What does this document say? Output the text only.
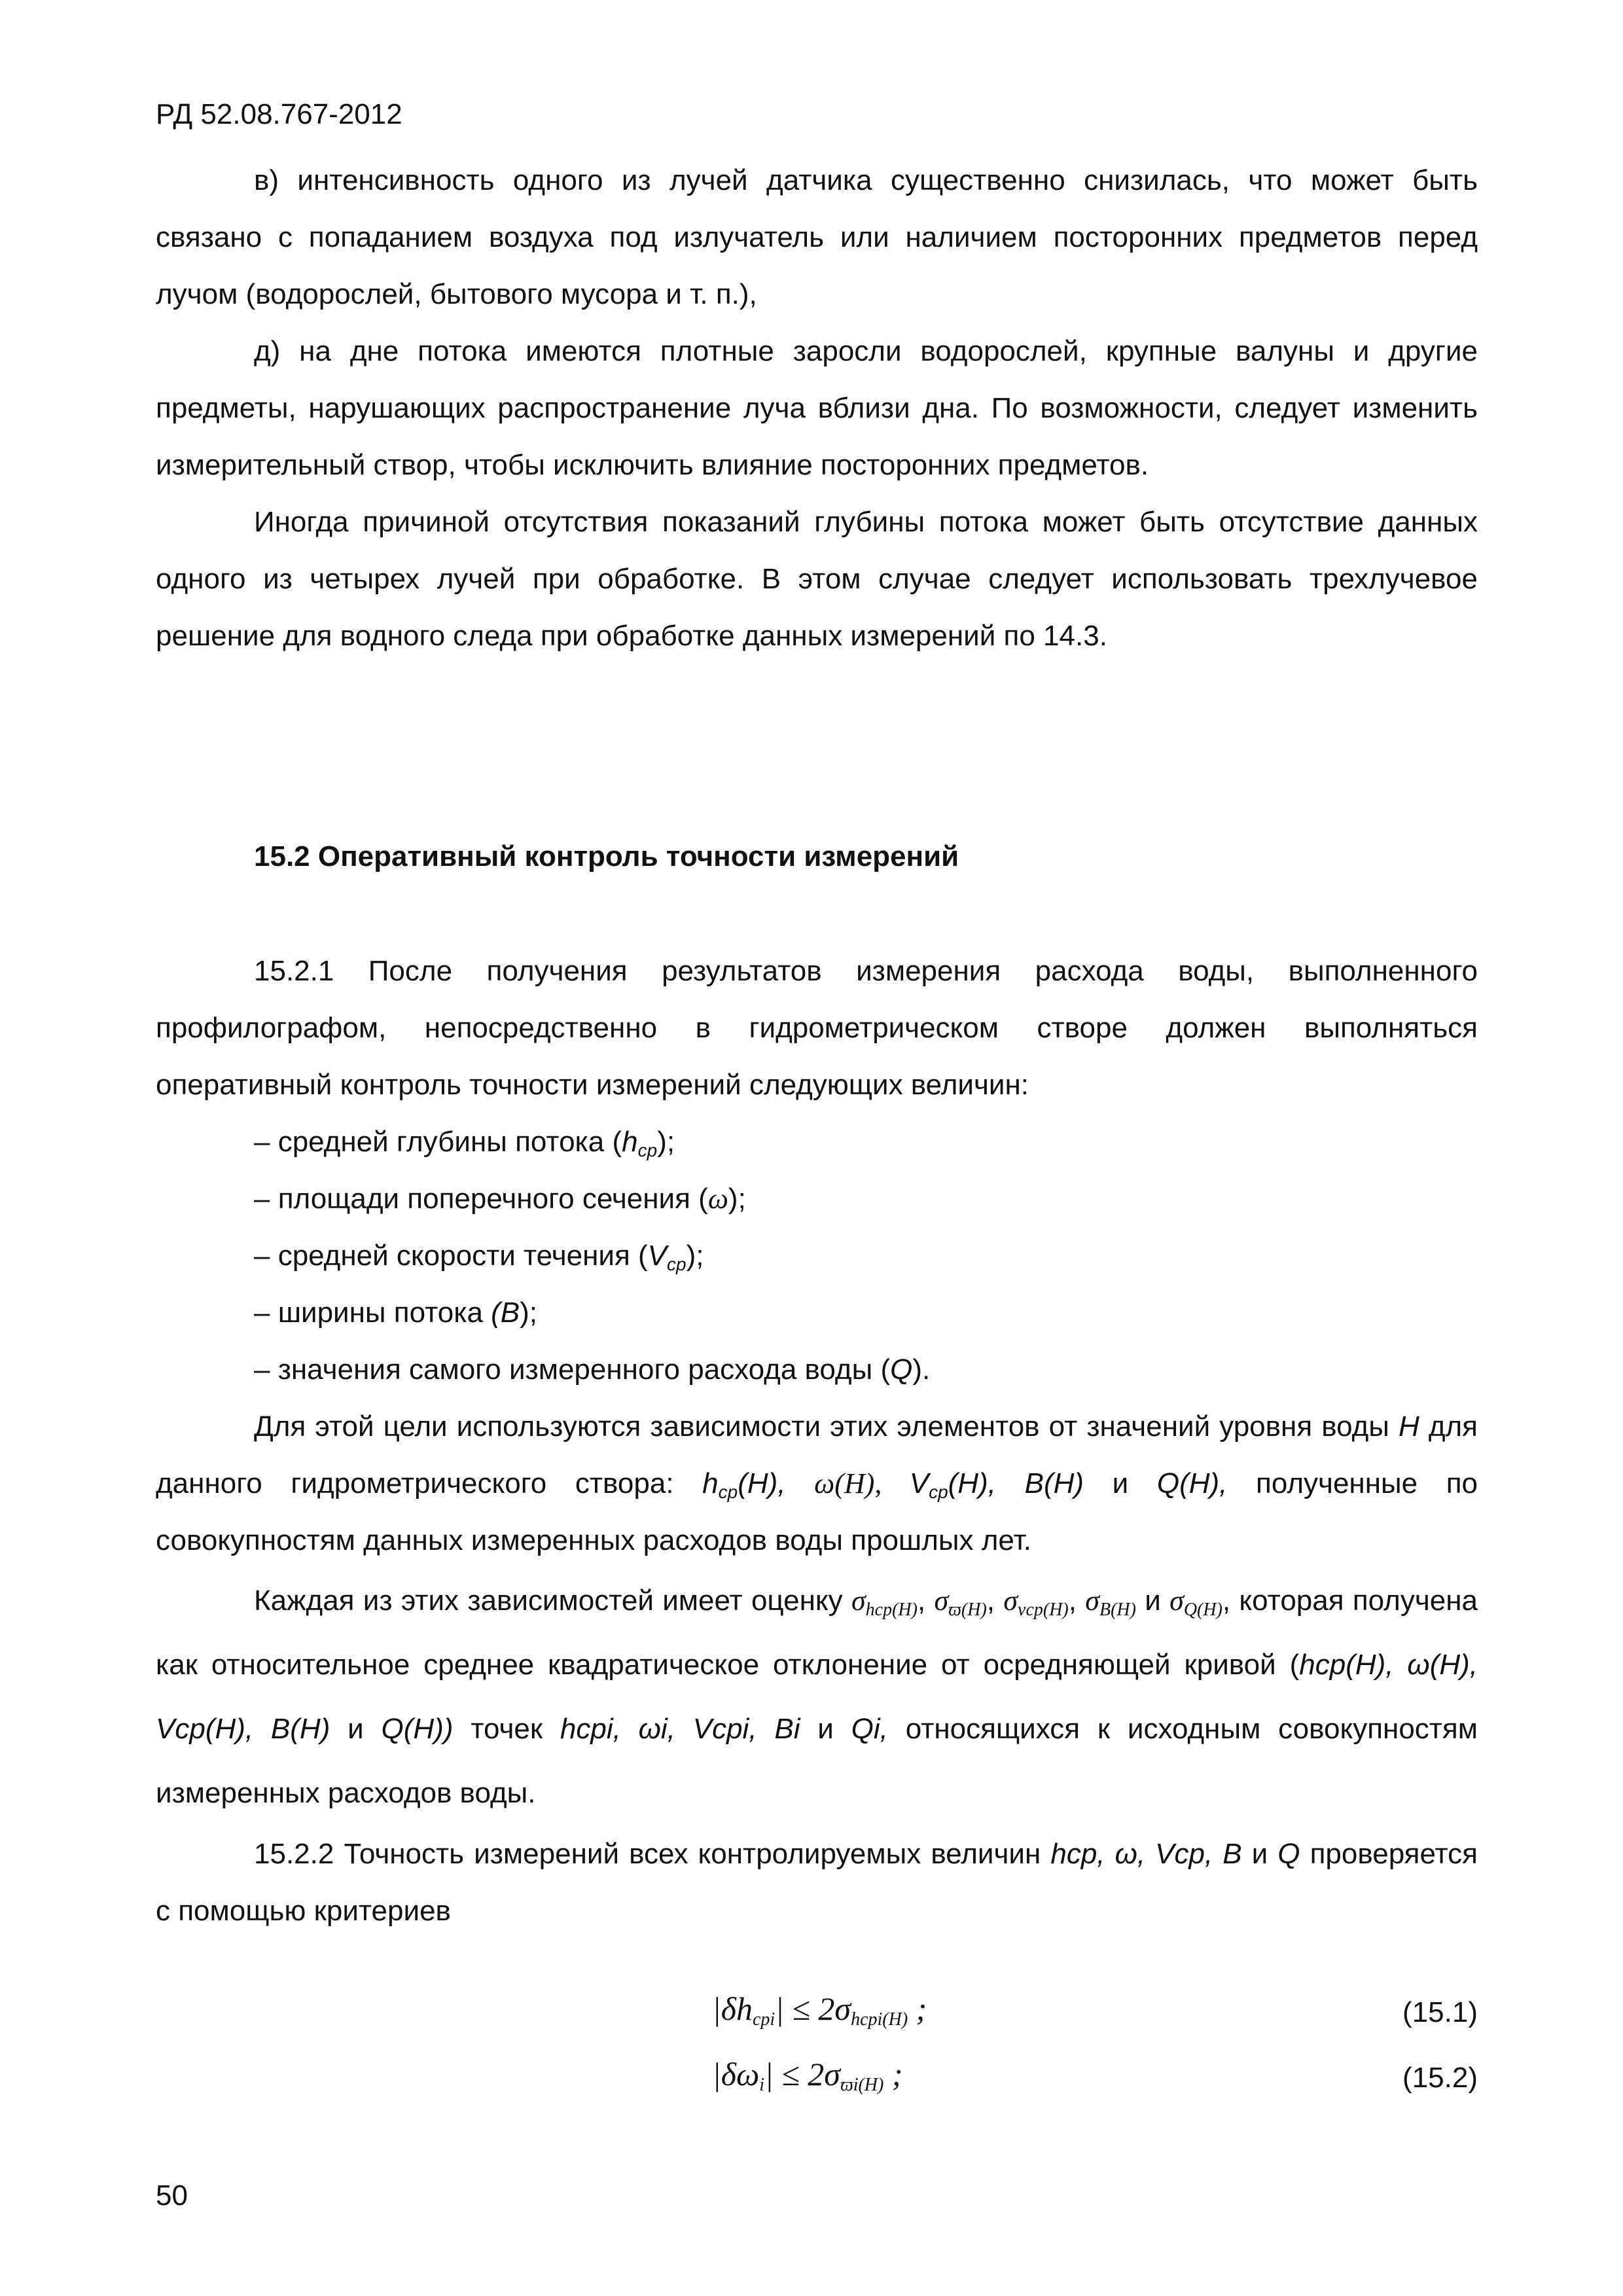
РД 52.08.767-2012

в) интенсивность одного из лучей датчика существенно снизилась, что может быть связано с попаданием воздуха под излучатель или наличием посторонних предметов перед лучом (водорослей, бытового мусора и т. п.),

д) на дне потока имеются плотные заросли водорослей, крупные валуны и другие предметы, нарушающих распространение луча вблизи дна. По возможности, следует изменить измерительный створ, чтобы исключить влияние посторонних предметов.

Иногда причиной отсутствия показаний глубины потока может быть отсутствие данных одного из четырех лучей при обработке. В этом случае следует использовать трехлучевое решение для водного следа при обработке данных измерений по 14.3.

15.2 Оперативный контроль точности измерений

15.2.1 После получения результатов измерения расхода воды, выполненного профилографом, непосредственно в гидрометрическом створе должен выполняться оперативный контроль точности измерений следующих величин:

– средней глубины потока $(h_{ср})$;

– площади поперечного сечения (ω);

– средней скорости течения $(V_{ср})$;

– ширины потока (B);

– значения самого измеренного расхода воды (Q).

Для этой цели используются зависимости этих элементов от значений уровня воды H для данного гидрометрического створа: $h_{ср}(H)$, ω(H), $V_{ср}(H)$, B(H) и Q(H), полученные по совокупностям данных измеренных расходов воды прошлых лет.

Каждая из этих зависимостей имеет оценку $\sigma_{hср(H)}$, $\sigma_{ϖ(H)}$, $\sigma_{vср(H)}$, $\sigma_{B(H)}$ и $\sigma_{Q(H)}$, которая получена как относительное среднее квадратическое отклонение от осредняющей кривой (hср(H), ω(H), Vср(H), B(H) и Q(H)) точек hсрi, ωi, Vсрi, Bi и Qi, относящихся к исходным совокупностям измеренных расходов воды.

15.2.2 Точность измерений всех контролируемых величин hср, ω, Vср, B и Q проверяется с помощью критериев

$|\delta h_{срi}| \le 2\sigma_{hсрi(H)}$ ;	(15.1)
$|\delta\omega_i| \le 2\sigma_{ϖi(H)}$ ;	(15.2)
50
